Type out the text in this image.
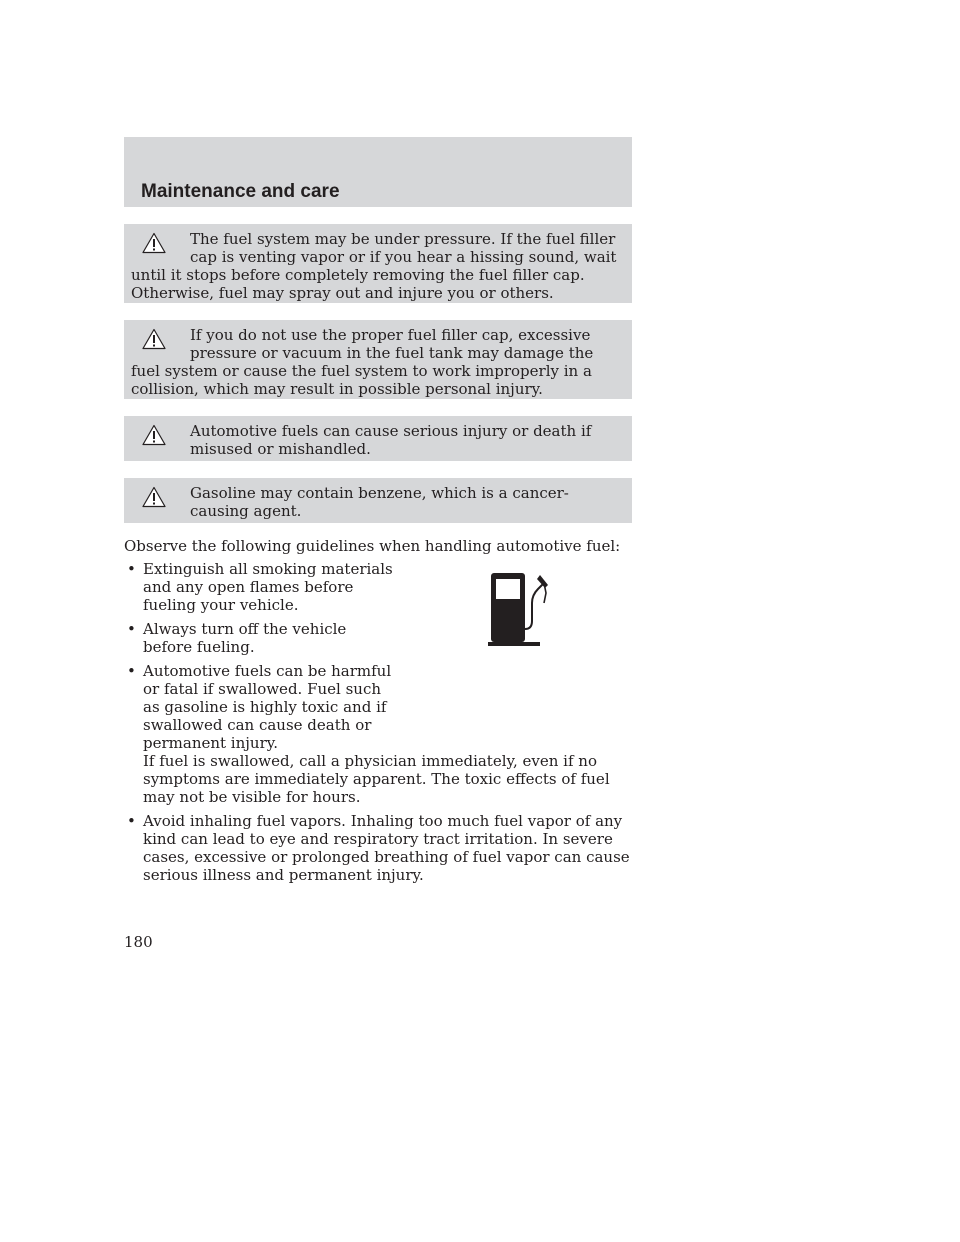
Maintenance and care

The fuel system may be under pressure. If the fuel filler cap is venting vapor or if you hear a hissing sound, wait until it stops before completely removing the fuel filler cap. Otherwise, fuel may spray out and injure you or others.

If you do not use the proper fuel filler cap, excessive pressure or vacuum in the fuel tank may damage the fuel system or cause the fuel system to work improperly in a collision, which may result in possible personal injury.

Automotive fuels can cause serious injury or death if misused or mishandled.

Gasoline may contain benzene, which is a cancer-causing agent.

Observe the following guidelines when handling automotive fuel:

• Extinguish all smoking materials and any open flames before fueling your vehicle.
• Always turn off the vehicle before fueling.
• Automotive fuels can be harmful or fatal if swallowed. Fuel such as gasoline is highly toxic and if swallowed can cause death or permanent injury.
If fuel is swallowed, call a physician immediately, even if no symptoms are immediately apparent. The toxic effects of fuel may not be visible for hours.
• Avoid inhaling fuel vapors. Inhaling too much fuel vapor of any kind can lead to eye and respiratory tract irritation. In severe cases, excessive or prolonged breathing of fuel vapor can cause serious illness and permanent injury.

180
